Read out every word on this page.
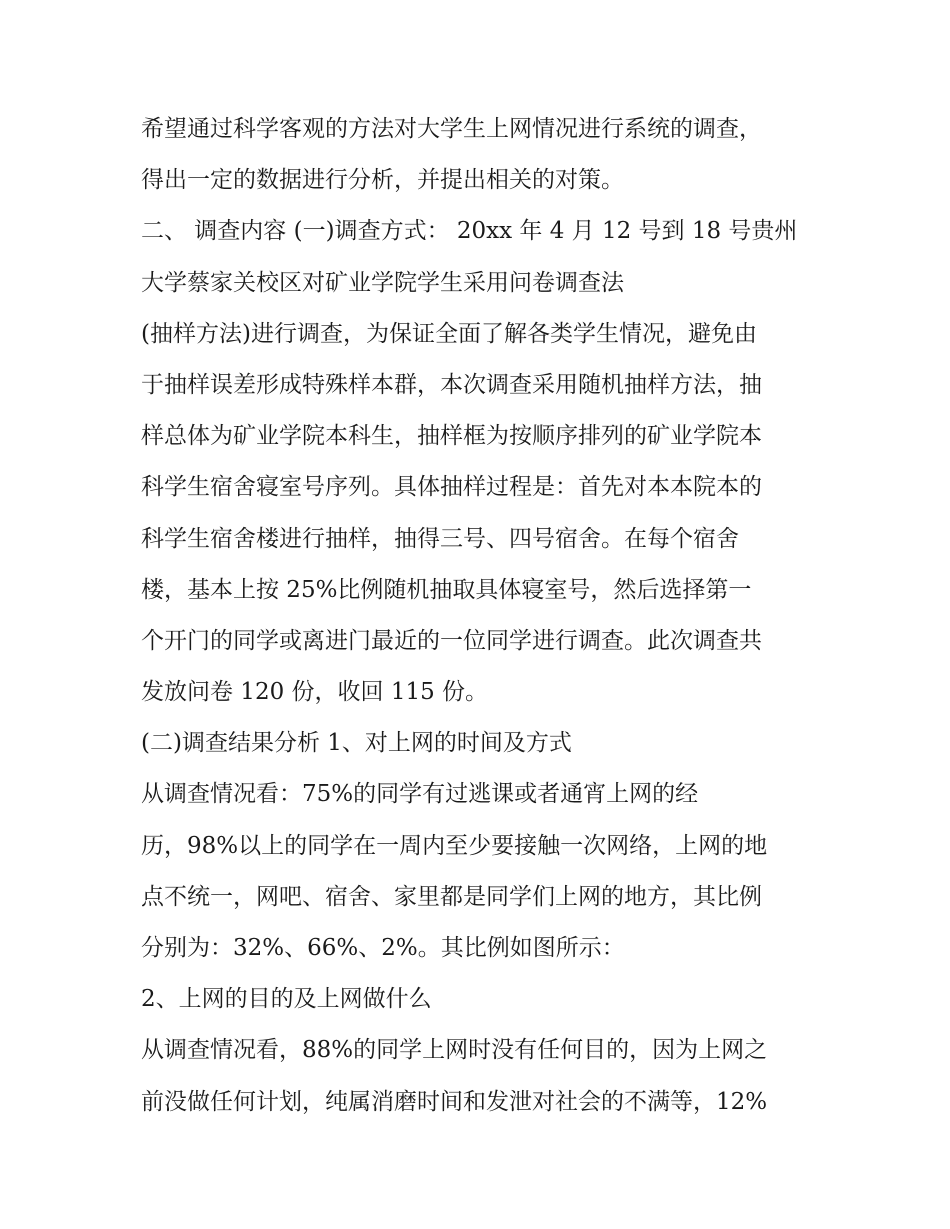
希望通过科学客观的方法对大学生上网情况进行系统的调查，
得出一定的数据进行分析，并提出相关的对策。
二、 调查内容 (一)调查方式： 20xx 年 4 月 12 号到 18 号贵州
大学蔡家关校区对矿业学院学生采用问卷调查法
(抽样方法)进行调查，为保证全面了解各类学生情况，避免由
于抽样误差形成特殊样本群，本次调查采用随机抽样方法，抽
样总体为矿业学院本科生，抽样框为按顺序排列的矿业学院本
科学生宿舍寝室号序列。具体抽样过程是：首先对本本院本的
科学生宿舍楼进行抽样，抽得三号、四号宿舍。在每个宿舍
楼，基本上按 25%比例随机抽取具体寝室号，然后选择第一
个开门的同学或离进门最近的一位同学进行调查。此次调查共
发放问卷 120 份，收回 115 份。
(二)调查结果分析 1、对上网的时间及方式
从调查情况看：75%的同学有过逃课或者通宵上网的经
历，98%以上的同学在一周内至少要接触一次网络，上网的地
点不统一，网吧、宿舍、家里都是同学们上网的地方，其比例
分别为：32%、66%、2%。其比例如图所示：
2、上网的目的及上网做什么
从调查情况看，88%的同学上网时没有任何目的，因为上网之
前没做任何计划，纯属消磨时间和发泄对社会的不满等，12%
